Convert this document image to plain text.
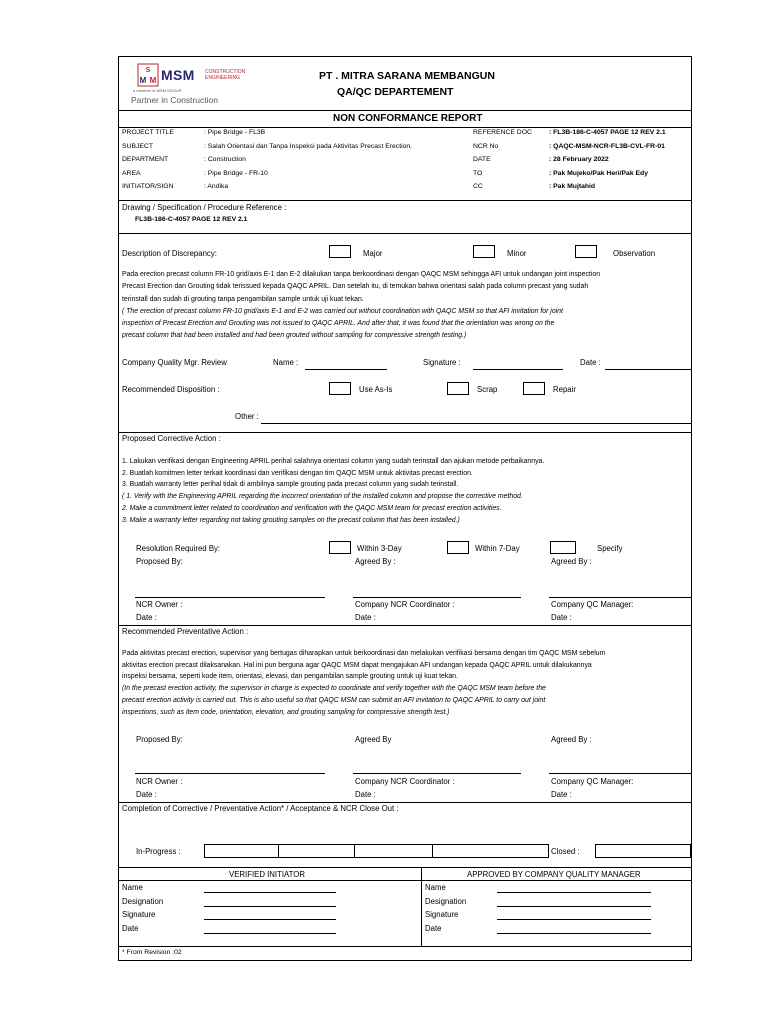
S
M M MSM CONSTRUCTION
ENGINEERING
a member of MSM GROUP
Partner in Construction
PT . MITRA SARANA MEMBANGUN
QA/QC DEPARTEMENT
NON CONFORMANCE REPORT
PROJECT TITLE	: Pipe Bridge - FL3B
SUBJECT	: Salah Orientasi dan Tanpa Inspeksi pada Aktivitas Precast Erection.
DEPARTMENT	: Construction
AREA	: Pipe Bridge - FR-10
INITIATOR/SIGN	: Andika
REFERENCE DOC	: FL3B-186-C-4057 PAGE 12 REV 2.1
NCR No	: QAQC-MSM-NCR-FL3B-CVL-FR-01
DATE	: 28 February 2022
TO	: Pak Mujeko/Pak Heri/Pak Edy
CC	: Pak Mujtahid
Drawing / Specification / Procedure Reference :
FL3B-186-C-4057 PAGE 12 REV 2.1
Description of Discrepancy:	Major	Minor	Observation
Pada erection precast column FR-10 grid/axis E-1 dan E-2 dilakukan tanpa berkoordinasi dengan QAQC MSM sehingga AFI untuk undangan joint inspection
Precast Erection dan Grouting tidak terissued kepada QAQC APRIL. Dan setelah itu, di temukan bahwa orientasi salah pada column precast yang sudah
terinstall dan sudah di grouting tanpa pengambilan sample untuk uji kuat tekan.
( The erection of precast column FR-10 grid/axis E-1 and E-2 was carried out without coordination with QAQC MSM so that AFI invitation for joint
inspection of Precast Erection and Grouting was not issued to QAQC APRIL. And after that, it was found that the orientation was wrong on the
precast column that had been installed and had been grouted without sampling for compressive strength testing.)
Company Quality Mgr. Review	Name :	Signature :	Date :
Recommended Disposition :	Use As-Is	Scrap	Repair
Other :
Proposed Corrective Action :
1. Lakukan verifikasi dengan Engineering APRIL perihal salahnya orientasi column yang sudah terinstall dan ajukan metode perbaikannya.
2. Buatlah komitmen letter terkait koordinasi dan verifikasi dengan tim QAQC MSM untuk aktivitas precast erection.
3. Buatlah warranty letter perihal tidak di ambilnya sample grouting pada precast column yang sudah terinstall.
( 1. Verify with the Engineering APRIL regarding the incorrect orientation of the installed column and propose the corrective method.
2. Make a commitment letter related to coordination and verification with the QAQC MSM team for precast erection activities.
3. Make a warranty letter regarding not taking grouting samples on the precast column that has been installed.)
Resolution Required By:	Within 3-Day	Within 7-Day	Specify
Proposed By:	Agreed By :	Agreed By :
NCR Owner :	Company NCR Coordinator :	Company QC Manager:
Date :	Date :	Date :
Recommended Preventative Action :
Pada aktivitas precast erection, supervisor yang bertugas diharapkan untuk berkoordinasi dan melakukan verifikasi bersama dengan tim QAQC MSM sebelum
aktivitas erection precast dilaksanakan. Hal ini pun berguna agar QAQC MSM dapat mengajukan AFI undangan kepada QAQC APRIL untuk dilakukannya
inspeksi bersama, seperti kode item, orientasi, elevasi, dan pengambilan sample grouting untuk uji kuat tekan.
(In the precast erection activity, the supervisor in charge is expected to coordinate and verify together with the QAQC MSM team before the
precast erection activity is carried out. This is also useful so that QAQC MSM can submit an AFI invitation to QAQC APRIL to carry out joint
inspections, such as item code, orientation, elevation, and grouting sampling for compressive strength test.)
Proposed By:	Agreed By	Agreed By :
NCR Owner :	Company NCR Coordinator :	Company QC Manager:
Date :	Date :	Date :
Completion of Corrective / Preventative Action* / Acceptance & NCR Close Out :
In-Progress :	Closed :
VERIFIED INITIATOR	APPROVED BY COMPANY QUALITY MANAGER
Name
Designation
Signature
Date
Name
Designation
Signature
Date
* From Revision :02
